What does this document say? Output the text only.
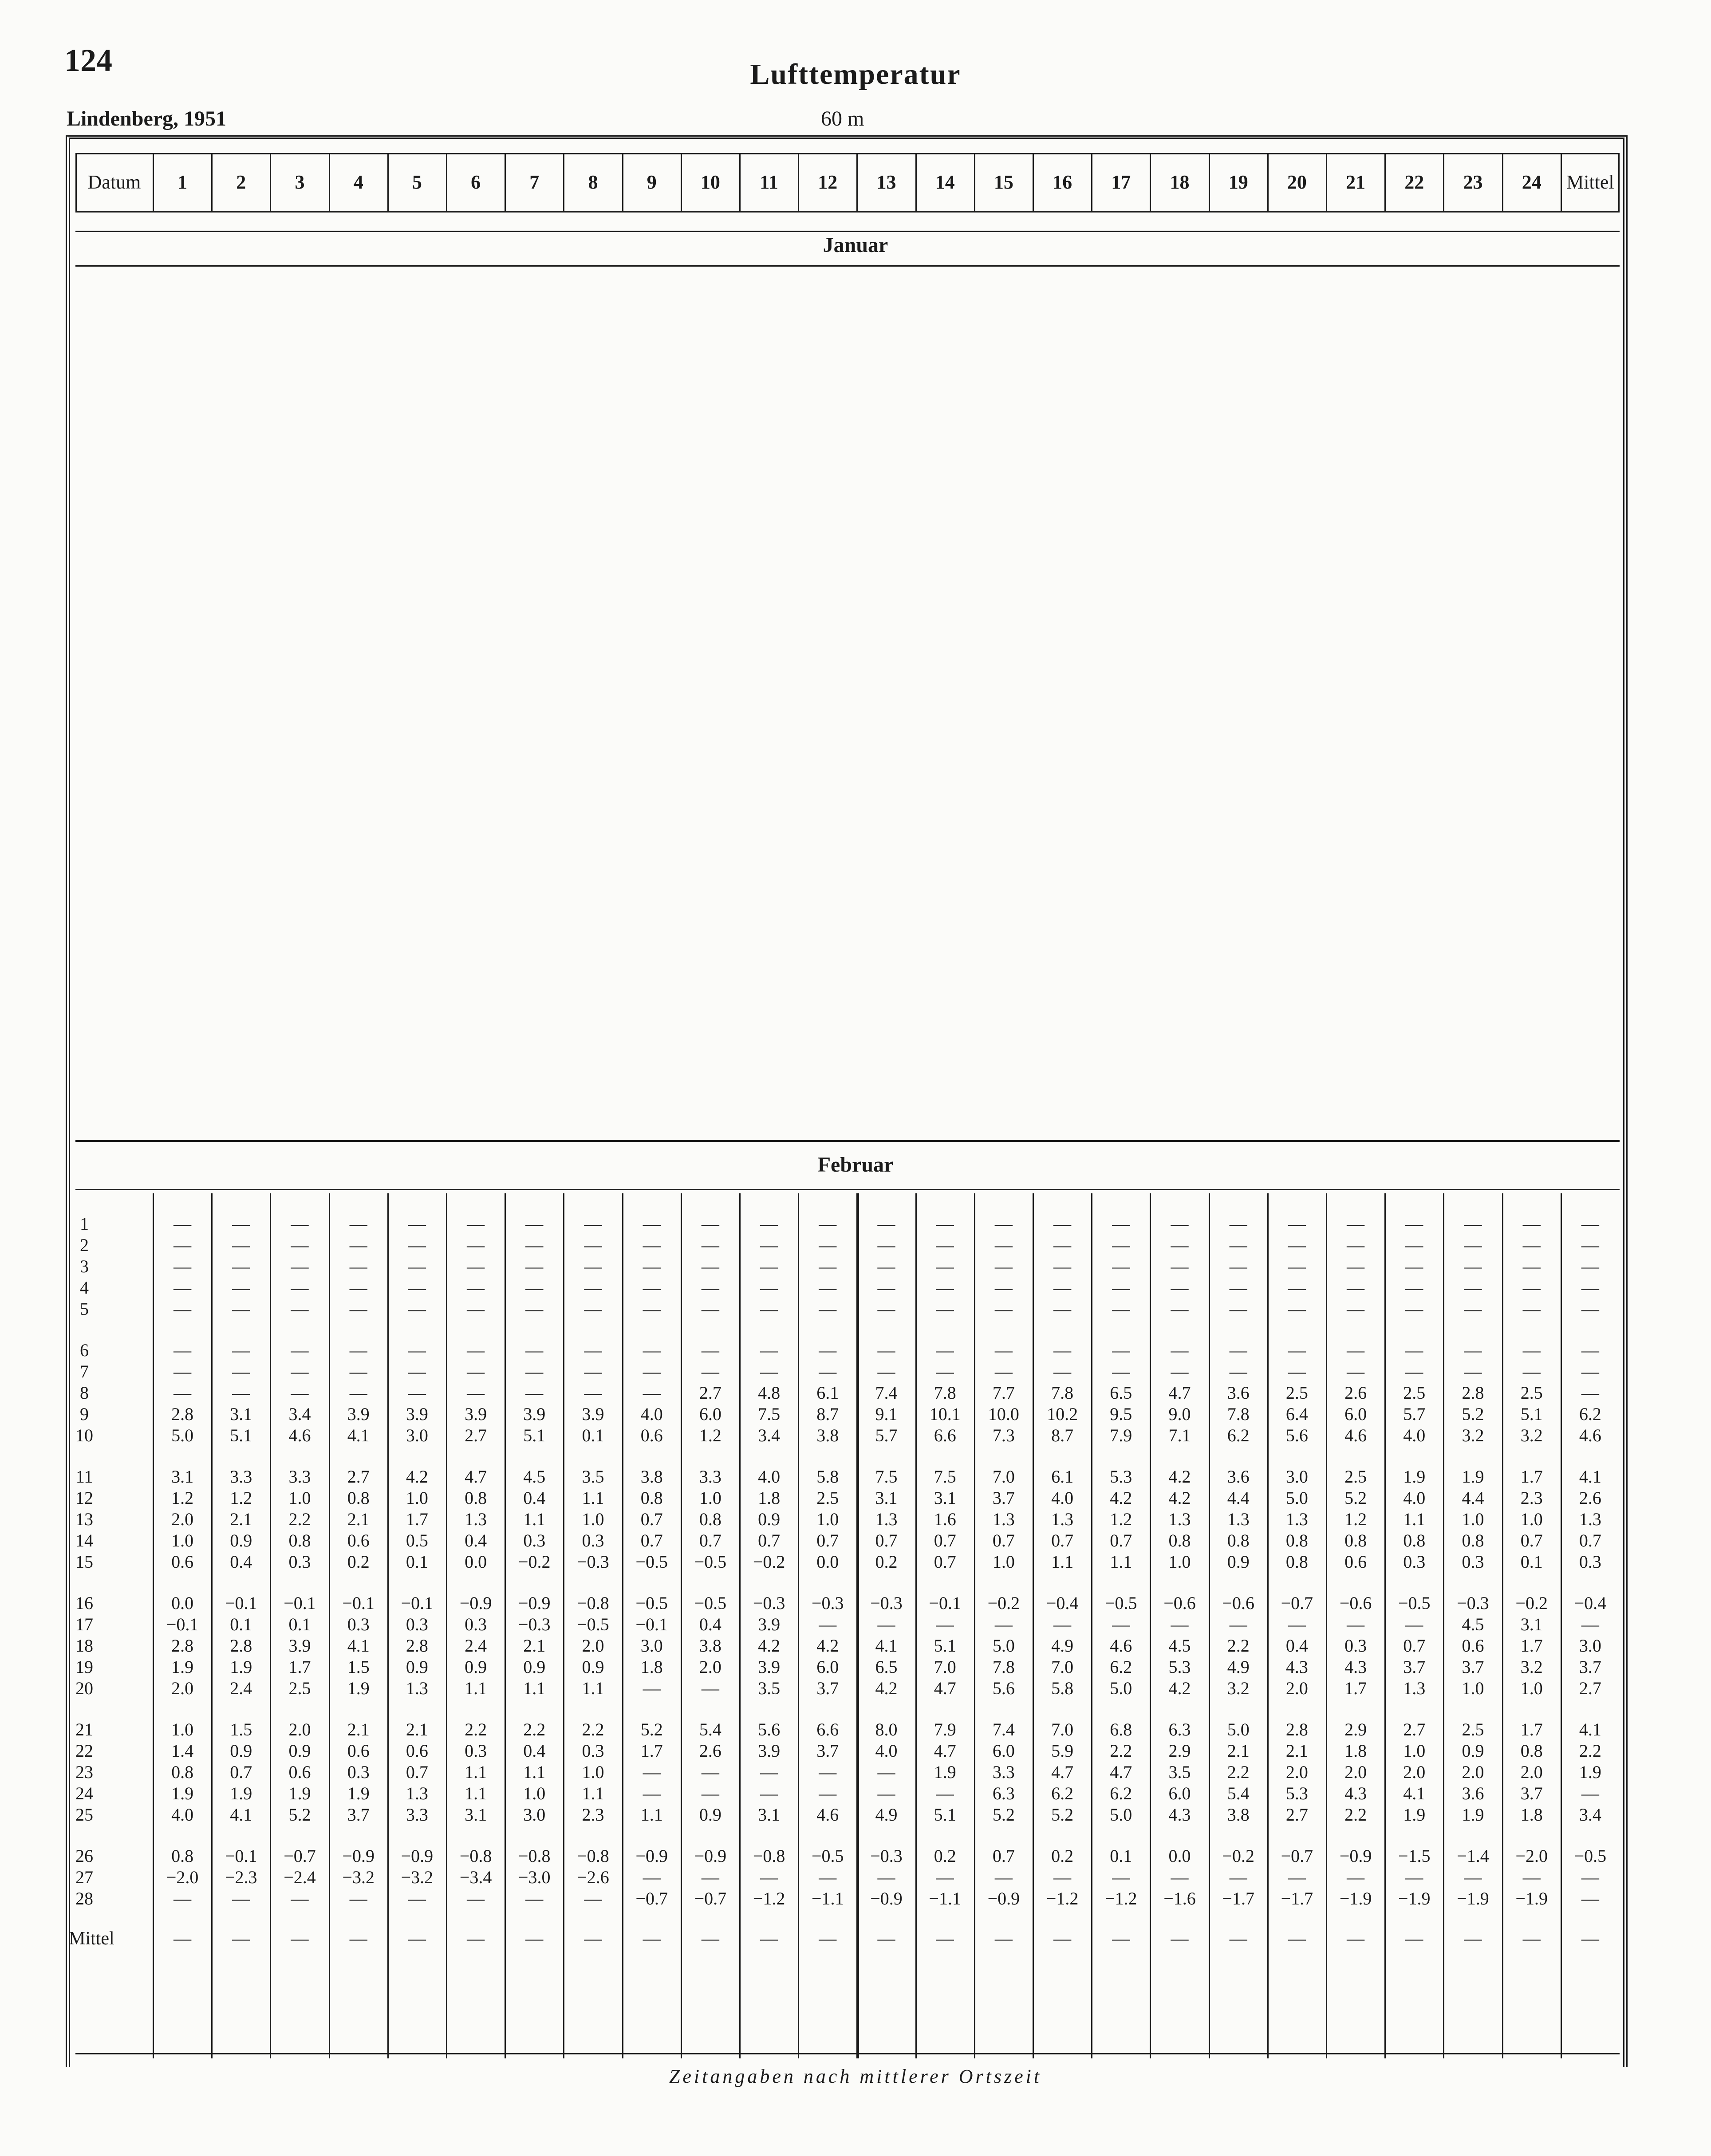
124	Lufttemperatur
Lindenberg, 1951	60 m
Datum	1	2	3	4	5	6	7	8	9	10	11	12	13	14	15	16	17	18	19	20	21	22	23	24	Mittel
Januar
Februar
1	—	—	—	—	—	—	—	—	—	—	—	—	—	—	—	—	—	—	—	—	—	—	—	—	—
2	—	—	—	—	—	—	—	—	—	—	—	—	—	—	—	—	—	—	—	—	—	—	—	—	—
3	—	—	—	—	—	—	—	—	—	—	—	—	—	—	—	—	—	—	—	—	—	—	—	—	—
4	—	—	—	—	—	—	—	—	—	—	—	—	—	—	—	—	—	—	—	—	—	—	—	—	—
5	—	—	—	—	—	—	—	—	—	—	—	—	—	—	—	—	—	—	—	—	—	—	—	—	—
6	—	—	—	—	—	—	—	—	—	—	—	—	—	—	—	—	—	—	—	—	—	—	—	—	—
7	—	—	—	—	—	—	—	—	—	—	—	—	—	—	—	—	—	—	—	—	—	—	—	—	—
8	—	—	—	—	—	—	—	—	—	2.7	4.8	6.1	7.4	7.8	7.7	7.8	6.5	4.7	3.6	2.5	2.6	2.5	2.8	2.5	—
9	2.8	3.1	3.4	3.9	3.9	3.9	3.9	3.9	4.0	6.0	7.5	8.7	9.1	10.1	10.0	10.2	9.5	9.0	7.8	6.4	6.0	5.7	5.2	5.1	6.2
10	5.0	5.1	4.6	4.1	3.0	2.7	5.1	0.1	0.6	1.2	3.4	3.8	5.7	6.6	7.3	8.7	7.9	7.1	6.2	5.6	4.6	4.0	3.2	3.2	4.6
11	3.1	3.3	3.3	2.7	4.2	4.7	4.5	3.5	3.8	3.3	4.0	5.8	7.5	7.5	7.0	6.1	5.3	4.2	3.6	3.0	2.5	1.9	1.9	1.7	4.1
12	1.2	1.2	1.0	0.8	1.0	0.8	0.4	1.1	0.8	1.0	1.8	2.5	3.1	3.1	3.7	4.0	4.2	4.2	4.4	5.0	5.2	4.0	4.4	2.3	2.6
13	2.0	2.1	2.2	2.1	1.7	1.3	1.1	1.0	0.7	0.8	0.9	1.0	1.3	1.6	1.3	1.3	1.2	1.3	1.3	1.3	1.2	1.1	1.0	1.0	1.3
14	1.0	0.9	0.8	0.6	0.5	0.4	0.3	0.3	0.7	0.7	0.7	0.7	0.7	0.7	0.7	0.7	0.7	0.8	0.8	0.8	0.8	0.8	0.8	0.7	0.7
15	0.6	0.4	0.3	0.2	0.1	0.0	−0.2	−0.3	−0.5	−0.5	−0.2	0.0	0.2	0.7	1.0	1.1	1.1	1.0	0.9	0.8	0.6	0.3	0.3	0.1	0.3
16	0.0	−0.1	−0.1	−0.1	−0.1	−0.9	−0.9	−0.8	−0.5	−0.5	−0.3	−0.3	−0.3	−0.1	−0.2	−0.4	−0.5	−0.6	−0.6	−0.7	−0.6	−0.5	−0.3	−0.2	−0.4
17	−0.1	0.1	0.1	0.3	0.3	0.3	−0.3	−0.5	−0.1	0.4	3.9	—	—	—	—	—	—	—	—	—	—	—	4.5	3.1	—
18	2.8	2.8	3.9	4.1	2.8	2.4	2.1	2.0	3.0	3.8	4.2	4.2	4.1	5.1	5.0	4.9	4.6	4.5	2.2	0.4	0.3	0.7	0.6	1.7	3.0
19	1.9	1.9	1.7	1.5	0.9	0.9	0.9	0.9	1.8	2.0	3.9	6.0	6.5	7.0	7.8	7.0	6.2	5.3	4.9	4.3	4.3	3.7	3.7	3.2	3.7
20	2.0	2.4	2.5	1.9	1.3	1.1	1.1	1.1	—	—	3.5	3.7	4.2	4.7	5.6	5.8	5.0	4.2	3.2	2.0	1.7	1.3	1.0	1.0	2.7
21	1.0	1.5	2.0	2.1	2.1	2.2	2.2	2.2	5.2	5.4	5.6	6.6	8.0	7.9	7.4	7.0	6.8	6.3	5.0	2.8	2.9	2.7	2.5	1.7	4.1
22	1.4	0.9	0.9	0.6	0.6	0.3	0.4	0.3	1.7	2.6	3.9	3.7	4.0	4.7	6.0	5.9	2.2	2.9	2.1	2.1	1.8	1.0	0.9	0.8	2.2
23	0.8	0.7	0.6	0.3	0.7	1.1	1.1	1.0	—	—	—	—	—	1.9	3.3	4.7	4.7	3.5	2.2	2.0	2.0	2.0	2.0	2.0	1.9
24	1.9	1.9	1.9	1.9	1.3	1.1	1.0	1.1	—	—	—	—	—	—	6.3	6.2	6.2	6.0	5.4	5.3	4.3	4.1	3.6	3.7	—
25	4.0	4.1	5.2	3.7	3.3	3.1	3.0	2.3	1.1	0.9	3.1	4.6	4.9	5.1	5.2	5.2	5.0	4.3	3.8	2.7	2.2	1.9	1.9	1.8	3.4
26	0.8	−0.1	−0.7	−0.9	−0.9	−0.8	−0.8	−0.8	−0.9	−0.9	−0.8	−0.5	−0.3	0.2	0.7	0.2	0.1	0.0	−0.2	−0.7	−0.9	−1.5	−1.4	−2.0	−0.5
27	−2.0	−2.3	−2.4	−3.2	−3.2	−3.4	−3.0	−2.6	—	—	—	—	—	—	—	—	—	—	—	—	—	—	—	—	—
28	—	—	—	—	—	—	—	—	−0.7	−0.7	−1.2	−1.1	−0.9	−1.1	−0.9	−1.2	−1.2	−1.6	−1.7	−1.7	−1.9	−1.9	−1.9	−1.9	—
Mittel	—	—	—	—	—	—	—	—	—	—	—	—	—	—	—	—	—	—	—	—	—	—	—	—	—
Zeitangaben nach mittlerer Ortszeit
